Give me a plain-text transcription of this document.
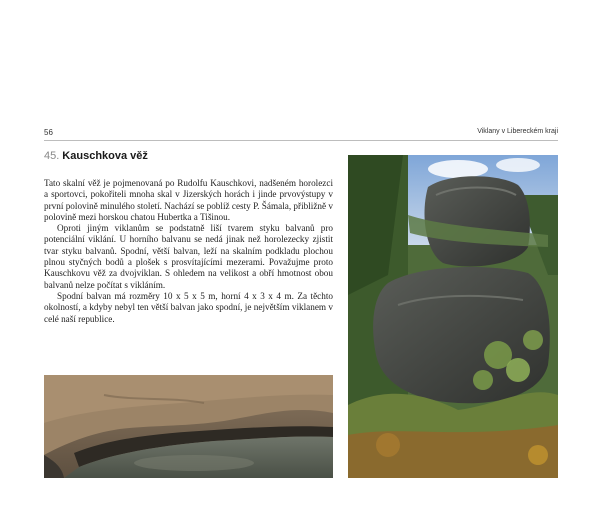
56	Viklany v Libereckém kraji
45. Kauschkova věž

Tato skalní věž je pojmenovaná po Rudolfu Kauschkovi, nadšeném horolezci a sportovci, pokořiteli mnoha skal v Jizerských horách i jinde prvovýstupy v první polovině minulého století. Nachází se poblíž cesty P. Šámala, přibližně v polovině mezi horskou chatou Hubertka a Tišinou.

Oproti jiným viklanům se podstatně liší tvarem styku balvanů pro potenciální viklání. U horního balvanu se nedá jinak než horolezecky zjistit tvar styku balvanů. Spodní, větší balvan, leží na skalním podkladu plochou plnou styčných bodů a plošek s prosvítajícími mezerami. Považujme proto Kauschkovu věž za dvojviklan. S ohledem na velikost a obří hmotnost obou balvanů nelze počítat s vikláním.

Spodní balvan má rozměry 10 x 5 x 5 m, horní 4 x 3 x 4 m. Za těchto okolností, a kdyby nebyl ten větší balvan jako spodní, je největším viklanem v celé naší republice.
